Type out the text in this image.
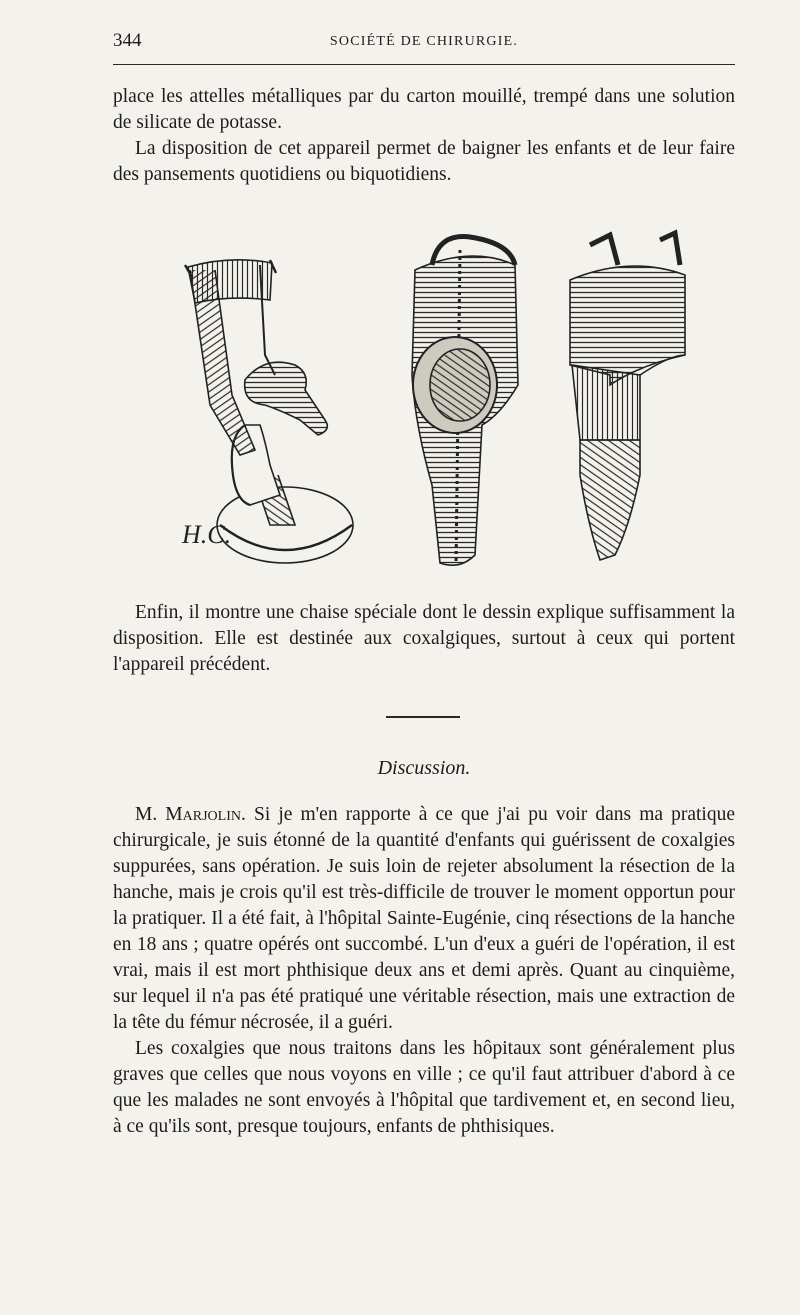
344	SOCIÉTÉ DE CHIRURGIE.

place les attelles métalliques par du carton mouillé, trempé dans une solution de silicate de potasse.

La disposition de cet appareil permet de baigner les enfants et de leur faire des pansements quotidiens ou biquotidiens.

H.C.

Enfin, il montre une chaise spéciale dont le dessin explique suffisamment la disposition. Elle est destinée aux coxalgiques, surtout à ceux qui portent l'appareil précédent.

Discussion.

M. Marjolin. Si je m'en rapporte à ce que j'ai pu voir dans ma pratique chirurgicale, je suis étonné de la quantité d'enfants qui guérissent de coxalgies suppurées, sans opération. Je suis loin de rejeter absolument la résection de la hanche, mais je crois qu'il est très-difficile de trouver le moment opportun pour la pratiquer. Il a été fait, à l'hôpital Sainte-Eugénie, cinq résections de la hanche en 18 ans ; quatre opérés ont succombé. L'un d'eux a guéri de l'opération, il est vrai, mais il est mort phthisique deux ans et demi après. Quant au cinquième, sur lequel il n'a pas été pratiqué une véritable résection, mais une extraction de la tête du fémur nécrosée, il a guéri.

Les coxalgies que nous traitons dans les hôpitaux sont généralement plus graves que celles que nous voyons en ville ; ce qu'il faut attribuer d'abord à ce que les malades ne sont envoyés à l'hôpital que tardivement et, en second lieu, à ce qu'ils sont, presque toujours, enfants de phthisiques.
